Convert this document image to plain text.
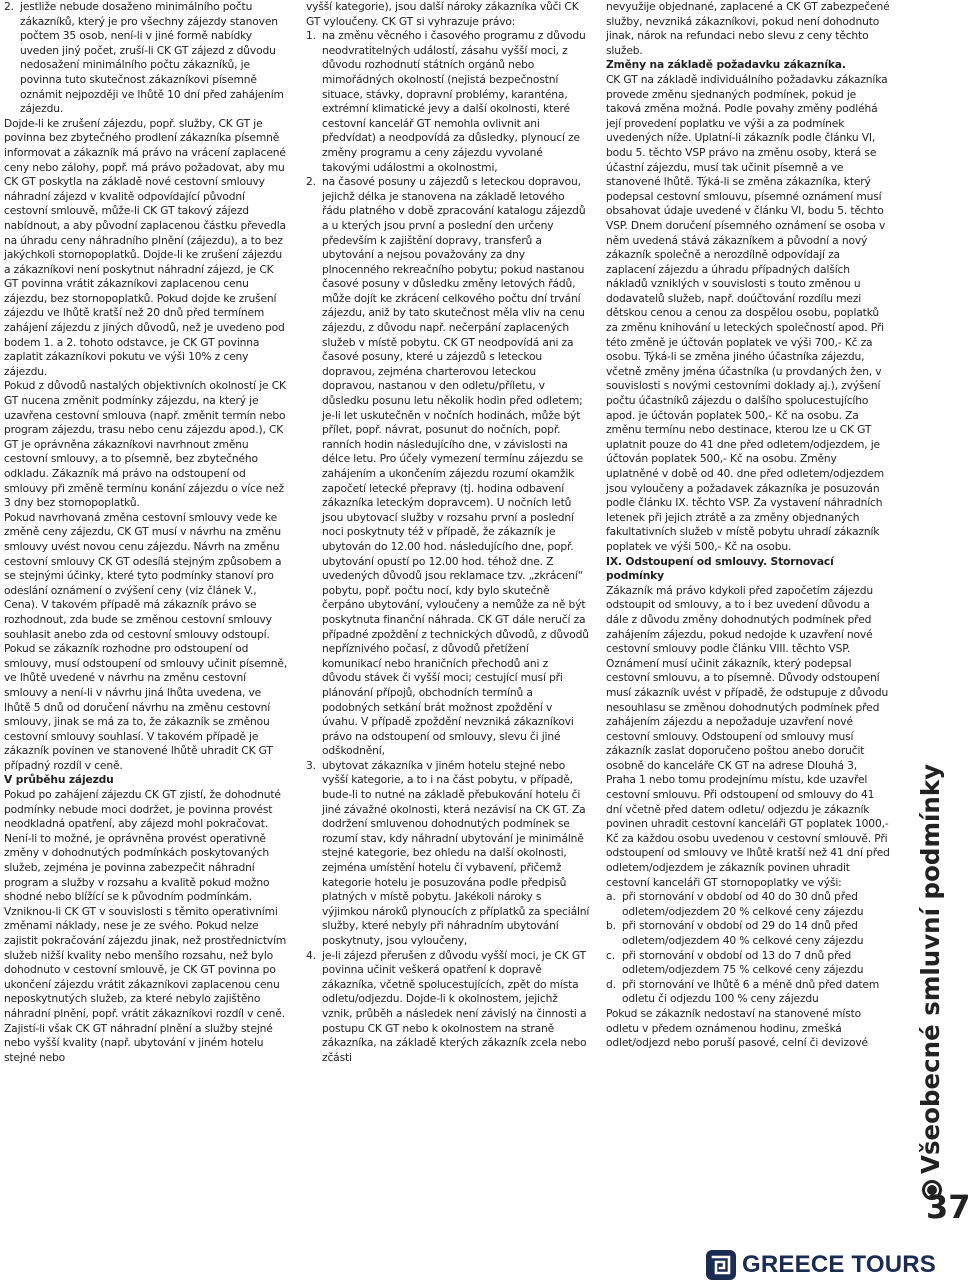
2. jestliže nebude dosaženo minimálního počtu zákazníků, který je pro všechny zájezdy stanoven počtem 35 osob, není-li v jiné formě nabídky uveden jiný počet, zruší-li CK GT zájezd z důvodu nedosažení minimálního počtu zákazníků, je povinna tuto skutečnost zákazníkovi písemně oznámit nejpozději ve lhůtě 10 dní před zahájením zájezdu.

Dojde-li ke zrušení zájezdu, popř. služby, CK GT je povinna bez zbytečného prodlení zákazníka písemně informovat a zákazník má právo na vrácení zaplacené ceny nebo zálohy, popř. má právo požadovat, aby mu CK GT poskytla na základě nové cestovní smlouvy náhradní zájezd v kvalitě odpovídající původní cestovní smlouvě, může-li CK GT takový zájezd nabídnout, a aby původní zaplacenou částku převedla na úhradu ceny náhradního plnění (zájezdu), a to bez jakýchkoli stornopoplatků. Dojde-li ke zrušení zájezdu a zákazníkovi není poskytnut náhradní zájezd, je CK GT povinna vrátit zákazníkovi zaplacenou cenu zájezdu, bez stornopoplatků. Pokud dojde ke zrušení zájezdu ve lhůtě kratší než 20 dnů před termínem zahájení zájezdu z jiných důvodů, než je uvedeno pod bodem 1. a 2. tohoto odstavce, je CK GT povinna zaplatit zákazníkovi pokutu ve výši 10% z ceny zájezdu.

Pokud z důvodů nastalých objektivních okolností je CK GT nucena změnit podmínky zájezdu, na který je uzavřena cestovní smlouva (např. změnit termín nebo program zájezdu, trasu nebo cenu zájezdu apod.), CK GT je oprávněna zákazníkovi navrhnout změnu cestovní smlouvy, a to písemně, bez zbytečného odkladu. Zákazník má právo na odstoupení od smlouvy při změně termínu konání zájezdu o více než 3 dny bez stornopoplatků.

Pokud navrhovaná změna cestovní smlouvy vede ke změně ceny zájezdu, CK GT musí v návrhu na změnu smlouvy uvést novou cenu zájezdu. Návrh na změnu cestovní smlouvy CK GT odesílá stejným způsobem a se stejnými účinky, které tyto podmínky stanoví pro odeslání oznámení o zvýšení ceny (viz článek V., Cena). V takovém případě má zákazník právo se rozhodnout, zda bude se změnou cestovní smlouvy souhlasit anebo zda od cestovní smlouvy odstoupí. Pokud se zákazník rozhodne pro odstoupení od smlouvy, musí odstoupení od smlouvy učinit písemně, ve lhůtě uvedené v návrhu na změnu cestovní smlouvy a není-li v návrhu jiná lhůta uvedena, ve lhůtě 5 dnů od doručení návrhu na změnu cestovní smlouvy, jinak se má za to, že zákazník se změnou cestovní smlouvy souhlasí. V takovém případě je zákazník povinen ve stanovené lhůtě uhradit CK GT případný rozdíl v ceně.

V průběhu zájezdu

Pokud po zahájení zájezdu CK GT zjistí, že dohodnuté podmínky nebude moci dodržet, je povinna provést neodkladná opatření, aby zájezd mohl pokračovat. Není-li to možné, je oprávněna provést operativně změny v dohodnutých podmínkách poskytovaných služeb, zejména je povinna zabezpečit náhradní program a služby v rozsahu a kvalitě pokud možno shodné nebo blížící se k původním podmínkám. Vzniknou-li CK GT v souvislosti s těmito operativními změnami náklady, nese je ze svého. Pokud nelze zajistit pokračování zájezdu jinak, než prostřednictvím služeb nižší kvality nebo menšího rozsahu, než bylo dohodnuto v cestovní smlouvě, je CK GT povinna po ukončení zájezdu vrátit zákazníkovi zaplacenou cenu neposkytnutých služeb, za které nebylo zajištěno náhradní plnění, popř. vrátit zákazníkovi rozdíl v ceně. Zajistí-li však CK GT náhradní plnění a služby stejné nebo vyšší kvality (např. ubytování v jiném hotelu stejné nebo

vyšší kategorie), jsou další nároky zákazníka vůči CK GT vyloučeny. CK GT si vyhrazuje právo:

1. na změnu věcného i časového programu z důvodu neodvratitelných událostí, zásahu vyšší moci, z důvodu rozhodnutí státních orgánů nebo mimořádných okolností (nejistá bezpečnostní situace, stávky, dopravní problémy, karanténa, extrémní klimatické jevy a další okolnosti, které cestovní kancelář GT nemohla ovlivnit ani předvídat) a neodpovídá za důsledky, plynoucí ze změny programu a ceny zájezdu vyvolané takovými událostmi a okolnostmi,
2. na časové posuny u zájezdů s leteckou dopravou, jejichž délka je stanovena na základě letového řádu platného v době zpracování katalogu zájezdů a u kterých jsou první a poslední den určeny především k zajištění dopravy, transferů a ubytování a nejsou považovány za dny plnocenného rekreačního pobytu; pokud nastanou časové posuny v důsledku změny letových řádů, může dojít ke zkrácení celkového počtu dní trvání zájezdu, aniž by tato skutečnost měla vliv na cenu zájezdu, z důvodu např. nečerpání zaplacených služeb v místě pobytu. CK GT neodpovídá ani za časové posuny, které u zájezdů s leteckou dopravou, zejména charterovou leteckou dopravou, nastanou v den odletu/příletu, v důsledku posunu letu několik hodin před odletem; je-li let uskutečněn v nočních hodinách, může být přílet, popř. návrat, posunut do nočních, popř. ranních hodin následujícího dne, v závislosti na délce letu. Pro účely vymezení termínu zájezdu se zahájením a ukončením zájezdu rozumí okamžik započetí letecké přepravy (tj. hodina odbavení zákazníka leteckým dopravcem). U nočních letů jsou ubytovací služby v rozsahu první a poslední noci poskytnuty též v případě, že zákazník je ubytován do 12.00 hod. následujícího dne, popř. ubytování opustí po 12.00 hod. téhož dne. Z uvedených důvodů jsou reklamace tzv. „zkrácení“ pobytu, popř. počtu nocí, kdy bylo skutečně čerpáno ubytování, vyloučeny a nemůže za ně být poskytnuta finanční náhrada. CK GT dále neručí za případné zpoždění z technických důvodů, z důvodů nepříznivého počasí, z důvodů přetížení komunikací nebo hraničních přechodů ani z důvodu stávek či vyšší moci; cestující musí při plánování přípojů, obchodních termínů a podobných setkání brát možnost zpoždění v úvahu. V případě zpoždění nevzniká zákazníkovi právo na odstoupení od smlouvy, slevu či jiné odškodnění,
3. ubytovat zákazníka v jiném hotelu stejné nebo vyšší kategorie, a to i na část pobytu, v případě, bude-li to nutné na základě přebukování hotelu či jiné závažné okolnosti, která nezávisí na CK GT. Za dodržení smluvenou dohodnutých podmínek se rozumí stav, kdy náhradní ubytování je minimálně stejné kategorie, bez ohledu na další okolnosti, zejména umístění hotelu či vybavení, přičemž kategorie hotelu je posuzována podle předpisů platných v místě pobytu. Jakékoli nároky s výjimkou nároků plynoucích z příplatků za speciální služby, které nebyly při náhradním ubytování poskytnuty, jsou vyloučeny,
4. je-li zájezd přerušen z důvodu vyšší moci, je CK GT povinna učinit veškerá opatření k dopravě zákazníka, včetně spolucestujících, zpět do místa odletu/odjezdu. Dojde-li k okolnostem, jejichž vznik, průběh a následek není závislý na činnosti a postupu CK GT nebo k okolnostem na straně zákazníka, na základě kterých zákazník zcela nebo zčásti

nevyužije objednané, zaplacené a CK GT zabezpečené služby, nevzniká zákazníkovi, pokud není dohodnuto jinak, nárok na refundaci nebo slevu z ceny těchto služeb.

Změny na základě požadavku zákazníka.

CK GT na základě individuálního požadavku zákazníka provede změnu sjednaných podmínek, pokud je taková změna možná. Podle povahy změny podléhá její provedení poplatku ve výši a za podmínek uvedených níže. Uplatní-li zákazník podle článku VI, bodu 5. těchto VSP právo na změnu osoby, která se účastní zájezdu, musí tak učinit písemně a ve stanovené lhůtě. Týká-li se změna zákazníka, který podepsal cestovní smlouvu, písemné oznámení musí obsahovat údaje uvedené v článku VI, bodu 5. těchto VSP. Dnem doručení písemného oznámení se osoba v něm uvedená stává zákazníkem a původní a nový zákazník společně a nerozdílně odpovídají za zaplacení zájezdu a úhradu případných dalších nákladů vzniklých v souvislosti s touto změnou u dodavatelů služeb, např. doúčtování rozdílu mezi dětskou cenou a cenou za dospělou osobu, poplatků za změnu knihování u leteckých společností apod. Při této změně je účtován poplatek ve výši 700,- Kč za osobu. Týká-li se změna jiného účastníka zájezdu, včetně změny jména účastníka (u provdaných žen, v souvislosti s novými cestovními doklady aj.), zvýšení počtu účastníků zájezdu o dalšího spolucestujícího apod. je účtován poplatek 500,- Kč na osobu. Za změnu termínu nebo destinace, kterou lze u CK GT uplatnit pouze do 41 dne před odletem/odjezdem, je účtován poplatek 500,- Kč na osobu. Změny uplatněné v době od 40. dne před odletem/odjezdem jsou vyloučeny a požadavek zákazníka je posuzován podle článku IX. těchto VSP. Za vystavení náhradních letenek při jejich ztrátě a za změny objednaných fakultativních služeb v místě pobytu uhradí zákazník poplatek ve výši 500,- Kč na osobu.

IX. Odstoupení od smlouvy. Stornovací podmínky

Zákazník má právo kdykoli před započetím zájezdu odstoupit od smlouvy, a to i bez uvedení důvodu a dále z důvodu změny dohodnutých podmínek před zahájením zájezdu, pokud nedojde k uzavření nové cestovní smlouvy podle článku VIII. těchto VSP. Oznámení musí učinit zákazník, který podepsal cestovní smlouvu, a to písemně. Důvody odstoupení musí zákazník uvést v případě, že odstupuje z důvodu nesouhlasu se změnou dohodnutých podmínek před zahájením zájezdu a nepožaduje uzavření nové cestovní smlouvy. Odstoupení od smlouvy musí zákazník zaslat doporučeno poštou anebo doručit osobně do kanceláře CK GT na adrese Dlouhá 3, Praha 1 nebo tomu prodejnímu místu, kde uzavřel cestovní smlouvu. Při odstoupení od smlouvy do 41 dní včetně před datem odletu/ odjezdu je zákazník povinen uhradit cestovní kanceláři GT poplatek 1000,- Kč za každou osobu uvedenou v cestovní smlouvě. Při odstoupení od smlouvy ve lhůtě kratší než 41 dní před odletem/odjezdem je zákazník povinen uhradit cestovní kanceláři GT stornopoplatky ve výši:

a. při stornování v období od 40 do 30 dnů před odletem/odjezdem 20 % celkové ceny zájezdu
b. při stornování v období od 29 do 14 dnů před odletem/odjezdem 40 % celkové ceny zájezdu
c. při stornování v období od 13 do 7 dnů před odletem/odjezdem 75 % celkové ceny zájezdu
d. při stornování ve lhůtě 6 a méně dnů před datem odletu či odjezdu 100 % ceny zájezdu

Pokud se zákazník nedostaví na stanovené místo odletu v předem oznámenou hodinu, zmešká odlet/odjezd nebo poruší pasové, celní či devizové	Všeobecné smluvní podmínky
37
GREECE TOURS
